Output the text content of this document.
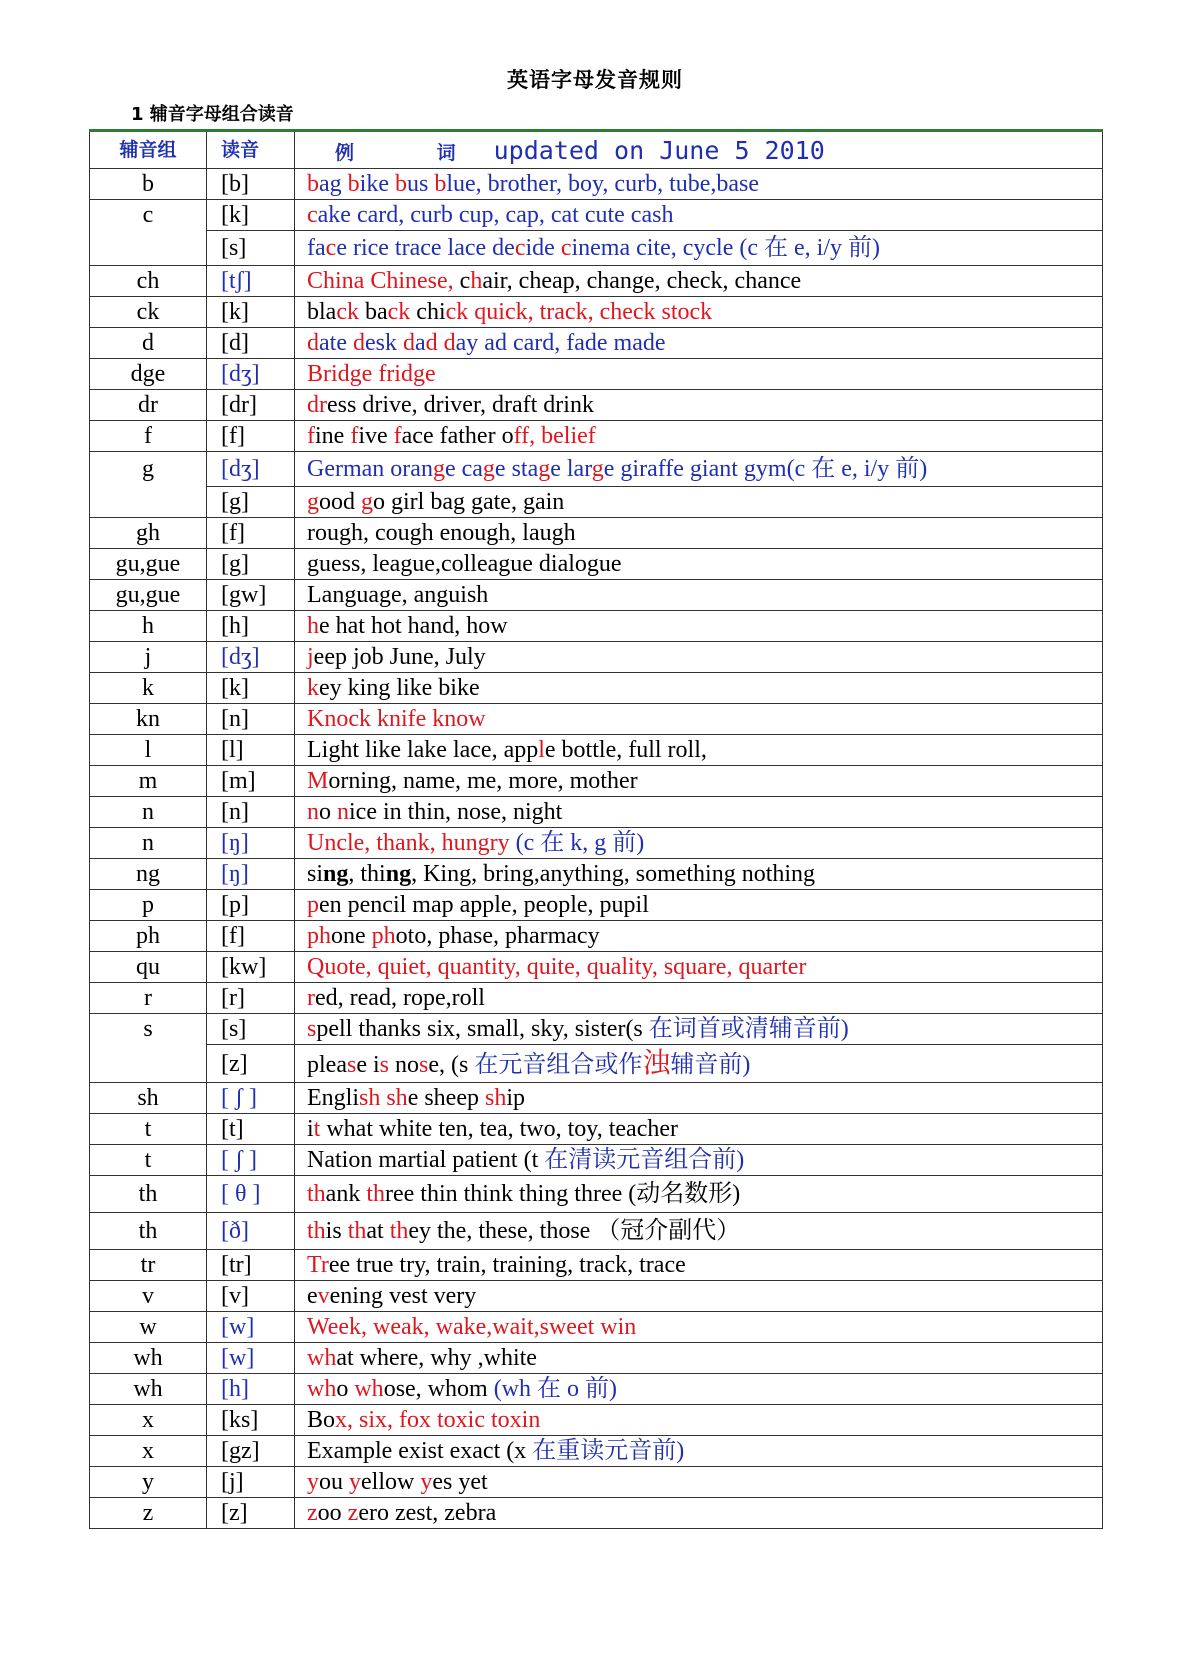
英语字母发音规则
1 辅音字母组合读音
辅音组	读音	例 词updated on June 5 2010
b	[b]	bag bike bus blue, brother, boy, curb, tube,base
c	[k]	cake card, curb cup, cap, cat cute cash
	[s]	face rice trace lace decide cinema cite, cycle (c 在 e, i/y 前)
ch	[tʃ]	China Chinese, chair, cheap, change, check, chance
ck	[k]	black back chick quick, track, check stock
d	[d]	date desk dad day ad card, fade made
dge	[dʒ]	Bridge fridge
dr	[dr]	dress drive, driver, draft drink
f	[f]	fine five face father off, belief
g	[dʒ]	German orange cage stage large giraffe giant gym(c 在 e, i/y 前)
	[g]	good go girl bag gate, gain
gh	[f]	rough, cough enough, laugh
gu,gue	[g]	guess, league,colleague dialogue
gu,gue	[gw]	Language, anguish
h	[h]	he hat hot hand, how
j	[dʒ]	jeep job June, July
k	[k]	key king like bike
kn	[n]	Knock knife know
l	[l]	Light like lake lace, apple bottle, full roll,
m	[m]	Morning, name, me, more, mother
n	[n]	no nice in thin, nose, night
n	[ŋ]	Uncle, thank, hungry (c 在 k, g 前)
ng	[ŋ]	sing, thing, King, bring,anything, something nothing
p	[p]	pen pencil map apple, people, pupil
ph	[f]	phone photo, phase, pharmacy
qu	[kw]	Quote, quiet, quantity, quite, quality, square, quarter
r	[r]	red, read, rope,roll
s	[s]	spell thanks six, small, sky, sister(s 在词首或清辅音前)
	[z]	please is nose, (s 在元音组合或作浊辅音前)
sh	[ ʃ ]	English she sheep ship
t	[t]	it what white ten, tea, two, toy, teacher
t	[ ʃ ]	Nation martial patient (t 在清读元音组合前)
th	[ θ ]	thank three thin think thing three (动名数形)
th	[ð]	this that they the, these, those （冠介副代）
tr	[tr]	Tree true try, train, training, track, trace
v	[v]	evening vest very
w	[w]	Week, weak, wake,wait,sweet win
wh	[w]	what where, why ,white
wh	[h]	who whose, whom (wh 在 o 前)
x	[ks]	Box, six, fox toxic toxin
x	[gz]	Example exist exact (x 在重读元音前)
y	[j]	you yellow yes yet
z	[z]	zoo zero zest, zebra
